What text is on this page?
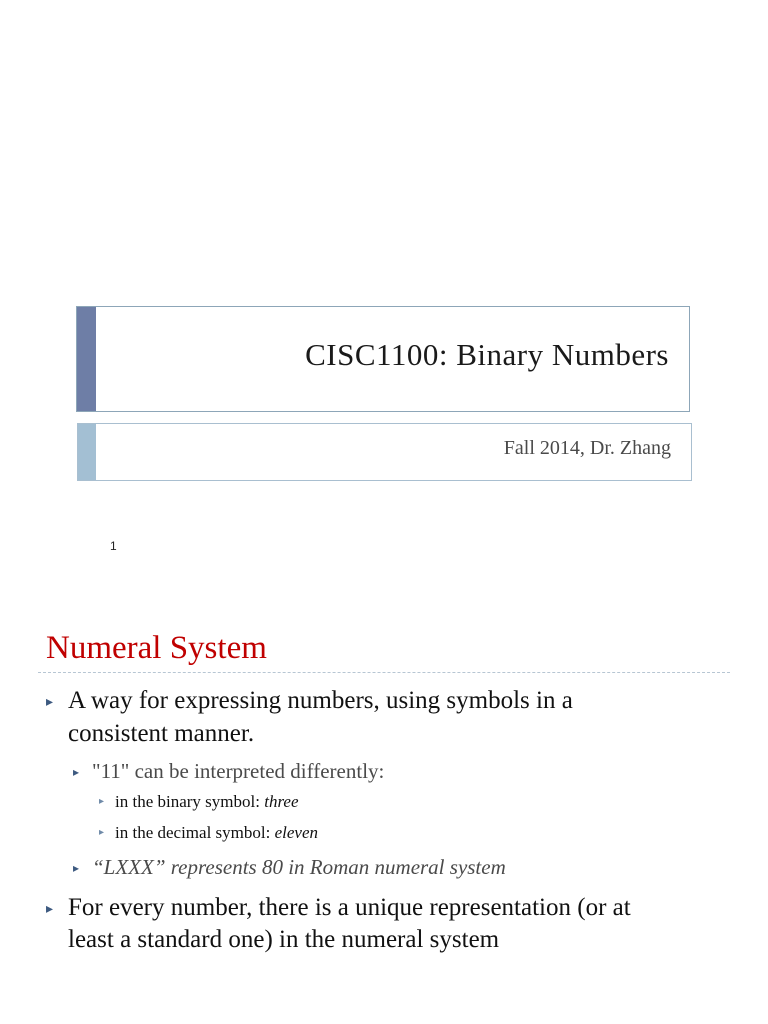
CISC1100: Binary Numbers
Fall 2014, Dr. Zhang
1
Numeral System
▸ A way for expressing numbers, using symbols in a
consistent manner.
▸ "11" can be interpreted differently:
▸ in the binary symbol: three
▸ in the decimal symbol: eleven
▸ “LXXX” represents 80 in Roman numeral system
▸ For every number, there is a unique representation (or at
least a standard one) in the numeral system
